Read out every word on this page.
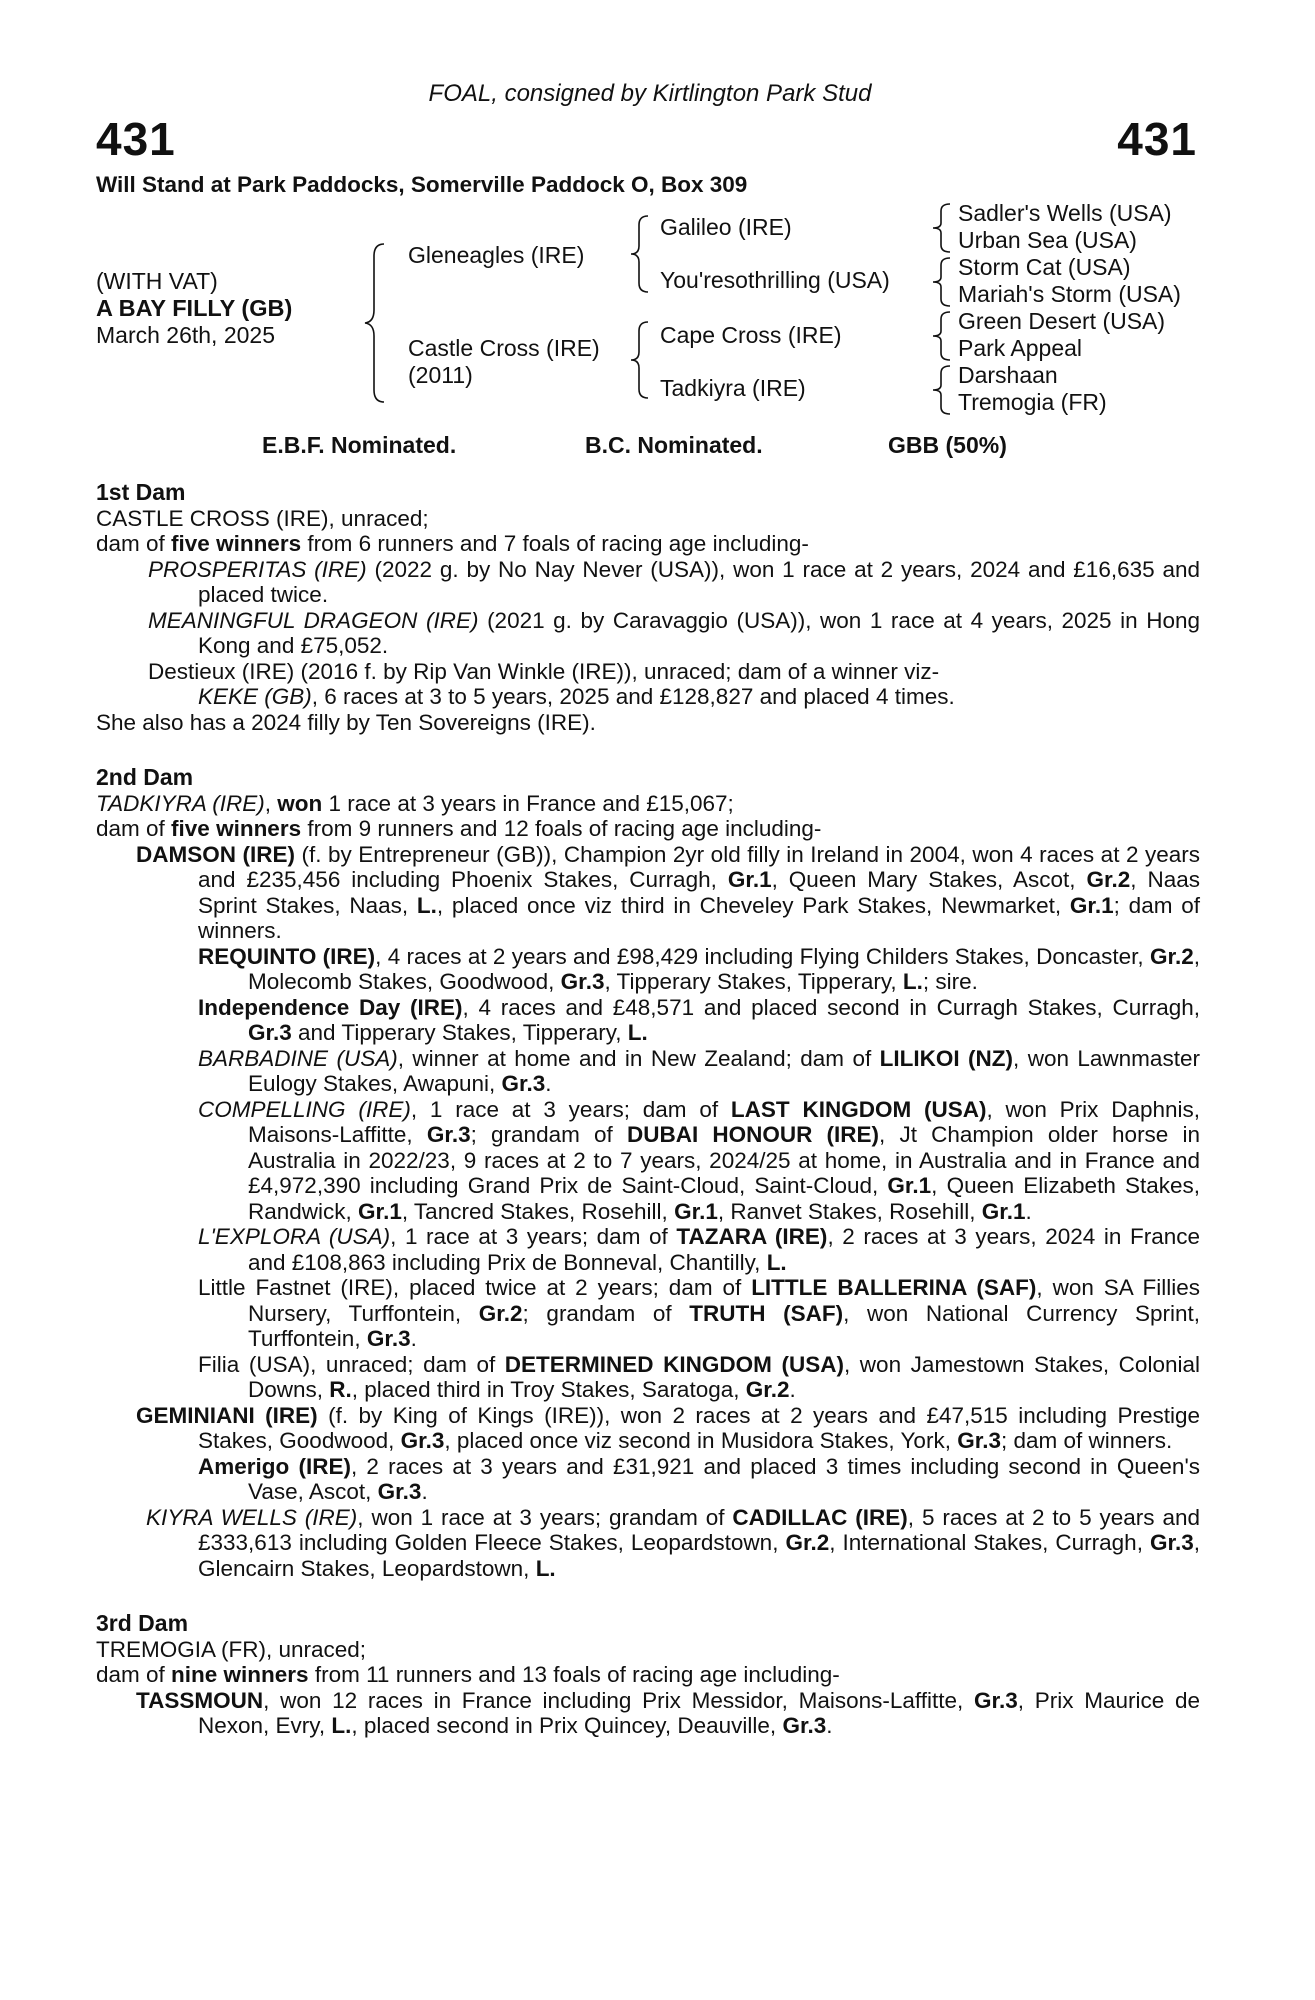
FOAL, consigned by Kirtlington Park Stud
431	431
Will Stand at Park Paddocks, Somerville Paddock O, Box 309
(WITH VAT)
A BAY FILLY (GB)
March 26th, 2025
Gleneagles (IRE)
Castle Cross (IRE)
(2011)
Galileo (IRE)
You'resothrilling (USA)
Cape Cross (IRE)
Tadkiyra (IRE)
Sadler's Wells (USA)
Urban Sea (USA)
Storm Cat (USA)
Mariah's Storm (USA)
Green Desert (USA)
Park Appeal
Darshaan
Tremogia (FR)
E.B.F. Nominated.	B.C. Nominated.	GBB (50%)
1st Dam
CASTLE CROSS (IRE), unraced;
dam of five winners from 6 runners and 7 foals of racing age including-
PROSPERITAS (IRE) (2022 g. by No Nay Never (USA)), won 1 race at 2 years, 2024 and £16,635 and placed twice.
MEANINGFUL DRAGEON (IRE) (2021 g. by Caravaggio (USA)), won 1 race at 4 years, 2025 in Hong Kong and £75,052.
Destieux (IRE) (2016 f. by Rip Van Winkle (IRE)), unraced; dam of a winner viz-
KEKE (GB), 6 races at 3 to 5 years, 2025 and £128,827 and placed 4 times.
She also has a 2024 filly by Ten Sovereigns (IRE).
2nd Dam
TADKIYRA (IRE), won 1 race at 3 years in France and £15,067;
dam of five winners from 9 runners and 12 foals of racing age including-
DAMSON (IRE) (f. by Entrepreneur (GB)), Champion 2yr old filly in Ireland in 2004, won 4 races at 2 years and £235,456 including Phoenix Stakes, Curragh, Gr.1, Queen Mary Stakes, Ascot, Gr.2, Naas Sprint Stakes, Naas, L., placed once viz third in Cheveley Park Stakes, Newmarket, Gr.1; dam of winners.
REQUINTO (IRE), 4 races at 2 years and £98,429 including Flying Childers Stakes, Doncaster, Gr.2, Molecomb Stakes, Goodwood, Gr.3, Tipperary Stakes, Tipperary, L.; sire.
Independence Day (IRE), 4 races and £48,571 and placed second in Curragh Stakes, Curragh, Gr.3 and Tipperary Stakes, Tipperary, L.
BARBADINE (USA), winner at home and in New Zealand; dam of LILIKOI (NZ), won Lawnmaster Eulogy Stakes, Awapuni, Gr.3.
COMPELLING (IRE), 1 race at 3 years; dam of LAST KINGDOM (USA), won Prix Daphnis, Maisons-Laffitte, Gr.3; grandam of DUBAI HONOUR (IRE), Jt Champion older horse in Australia in 2022/23, 9 races at 2 to 7 years, 2024/25 at home, in Australia and in France and £4,972,390 including Grand Prix de Saint-Cloud, Saint-Cloud, Gr.1, Queen Elizabeth Stakes, Randwick, Gr.1, Tancred Stakes, Rosehill, Gr.1, Ranvet Stakes, Rosehill, Gr.1.
L'EXPLORA (USA), 1 race at 3 years; dam of TAZARA (IRE), 2 races at 3 years, 2024 in France and £108,863 including Prix de Bonneval, Chantilly, L.
Little Fastnet (IRE), placed twice at 2 years; dam of LITTLE BALLERINA (SAF), won SA Fillies Nursery, Turffontein, Gr.2; grandam of TRUTH (SAF), won National Currency Sprint, Turffontein, Gr.3.
Filia (USA), unraced; dam of DETERMINED KINGDOM (USA), won Jamestown Stakes, Colonial Downs, R., placed third in Troy Stakes, Saratoga, Gr.2.
GEMINIANI (IRE) (f. by King of Kings (IRE)), won 2 races at 2 years and £47,515 including Prestige Stakes, Goodwood, Gr.3, placed once viz second in Musidora Stakes, York, Gr.3; dam of winners.
Amerigo (IRE), 2 races at 3 years and £31,921 and placed 3 times including second in Queen's Vase, Ascot, Gr.3.
KIYRA WELLS (IRE), won 1 race at 3 years; grandam of CADILLAC (IRE), 5 races at 2 to 5 years and £333,613 including Golden Fleece Stakes, Leopardstown, Gr.2, International Stakes, Curragh, Gr.3, Glencairn Stakes, Leopardstown, L.
3rd Dam
TREMOGIA (FR), unraced;
dam of nine winners from 11 runners and 13 foals of racing age including-
TASSMOUN, won 12 races in France including Prix Messidor, Maisons-Laffitte, Gr.3, Prix Maurice de Nexon, Evry, L., placed second in Prix Quincey, Deauville, Gr.3.
